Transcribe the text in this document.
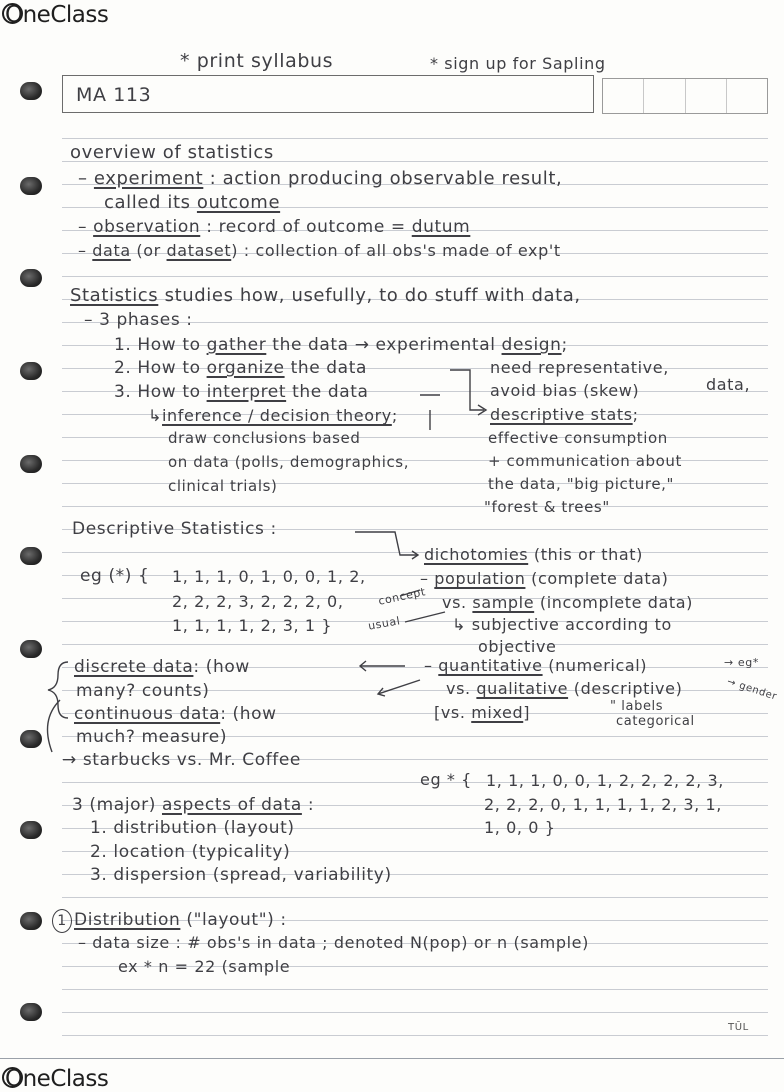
OneClass
* print syllabus	* sign up for Sapling
MA 113
overview of statistics
– experiment : action producing observable result,
called its outcome
– observation : record of outcome = dutum
– data (or dataset) : collection of all obs's made of exp't
Statistics studies how, usefully, to do stuff with data,
– 3 phases :
1. How to gather the data → experimental design;
2. How to organize the data	need representative,
avoid bias (skew)	data,
3. How to interpret the data
↳inference / decision theory;
draw conclusions based
on data (polls, demographics,
clinical trials)
descriptive stats;
effective consumption
+ communication about
the data, "big picture,"
"forest & trees"
Descriptive Statistics :
dichotomies (this or that)
eg (*) { 1, 1, 1, 0, 1, 0, 0, 1, 2,
2, 2, 2, 3, 2, 2, 2, 0,
1, 1, 1, 1, 2, 3, 1 }
concept
usual
– population (complete data)
vs. sample (incomplete data)
↳ subjective according to
objective
discrete data: (how
many? counts)
continuous data: (how
much? measure)
→ starbucks vs. Mr. Coffee
– quantitative (numerical)	→ eg*
vs. qualitative (descriptive)	→ gender
[vs. mixed]	" labels
categorical
eg * { 1, 1, 1, 0, 0, 1, 2, 2, 2, 2, 3,
2, 2, 2, 0, 1, 1, 1, 1, 2, 3, 1,
1, 0, 0 }
3 (major) aspects of data :
1. distribution (layout)
2. location (typicality)
3. dispersion (spread, variability)
1 Distribution ("layout") :
– data size : # obs's in data ; denoted N(pop) or n (sample)
ex * n = 22 (sample
TŪL
OneClass
